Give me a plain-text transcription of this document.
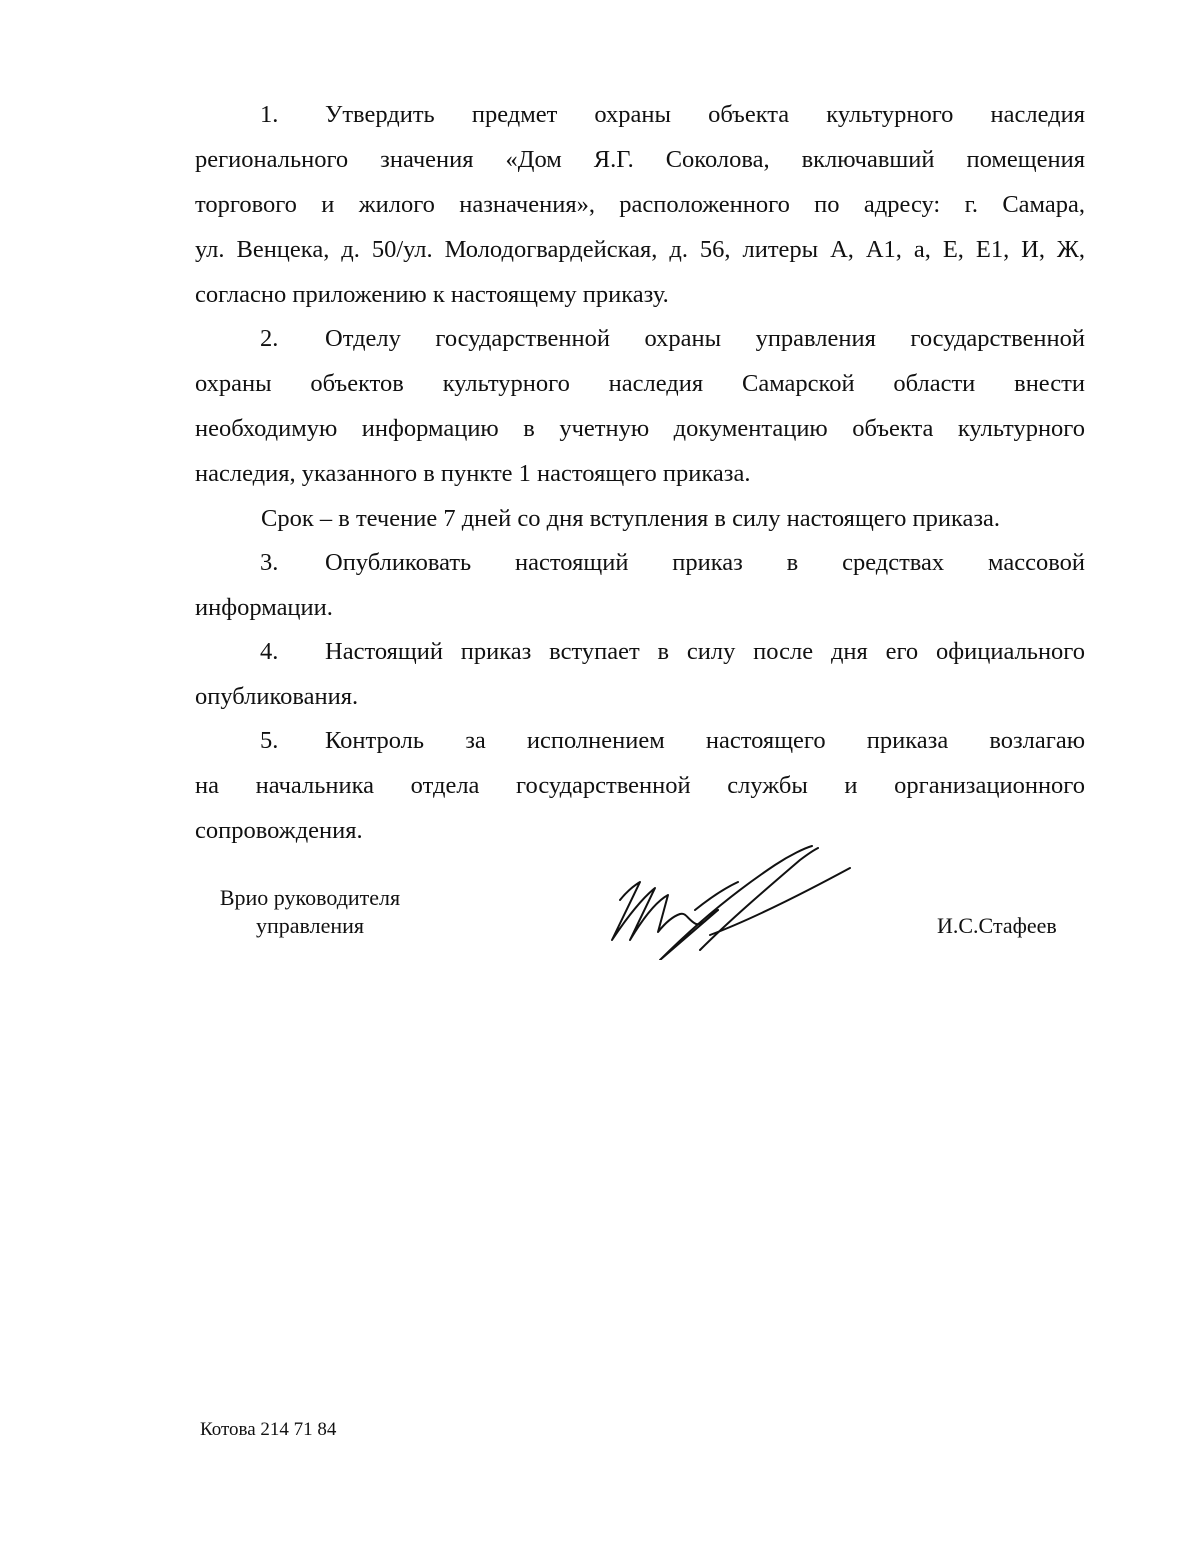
1. Утвердить предмет охраны объекта культурного наследия
регионального значения «Дом Я.Г. Соколова, включавший помещения
торгового и жилого назначения», расположенного по адресу: г. Самара,
ул. Венцека, д. 50/ул. Молодогвардейская, д. 56, литеры А, А1, а, Е, Е1, И, Ж,
согласно приложению к настоящему приказу.
2. Отделу государственной охраны управления государственной
охраны объектов культурного наследия Самарской области внести
необходимую информацию в учетную документацию объекта культурного
наследия, указанного в пункте 1 настоящего приказа.
Срок – в течение 7 дней со дня вступления в силу настоящего приказа.
3. Опубликовать настоящий приказ в средствах массовой
информации.
4. Настоящий приказ вступает в силу после дня его официального
опубликования.
5. Контроль за исполнением настоящего приказа возлагаю
на начальника отдела государственной службы и организационного
сопровождения.
Врио руководителя
управления	И.С.Стафеев
Котова 214 71 84
